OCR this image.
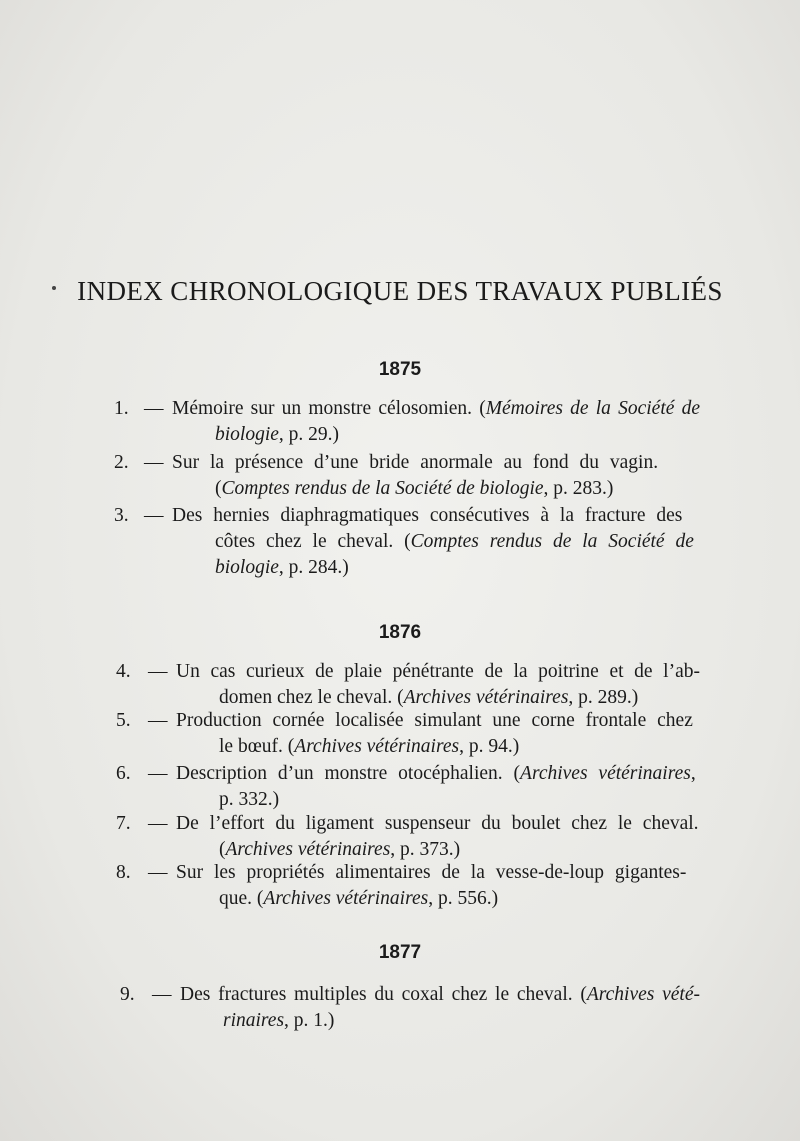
INDEX CHRONOLOGIQUE DES TRAVAUX PUBLIÉS
1875
1876
1877
1. — Mémoire sur un monstre célosomien. (Mémoires de la Société de
biologie, p. 29.)
2. — Sur la présence d’une bride anormale au fond du vagin.
(Comptes rendus de la Société de biologie, p. 283.)
3. — Des hernies diaphragmatiques consécutives à la fracture des
côtes chez le cheval. (Comptes rendus de la Société de
biologie, p. 284.)
4. — Un cas curieux de plaie pénétrante de la poitrine et de l’ab-
domen chez le cheval. (Archives vétérinaires, p. 289.)
5. — Production cornée localisée simulant une corne frontale chez
le bœuf. (Archives vétérinaires, p. 94.)
6. — Description d’un monstre otocéphalien. (Archives vétérinaires,
p. 332.)
7. — De l’effort du ligament suspenseur du boulet chez le cheval.
(Archives vétérinaires, p. 373.)
8. — Sur les propriétés alimentaires de la vesse-de-loup gigantes-
que. (Archives vétérinaires, p. 556.)
9. — Des fractures multiples du coxal chez le cheval. (Archives vété-
rinaires, p. 1.)
